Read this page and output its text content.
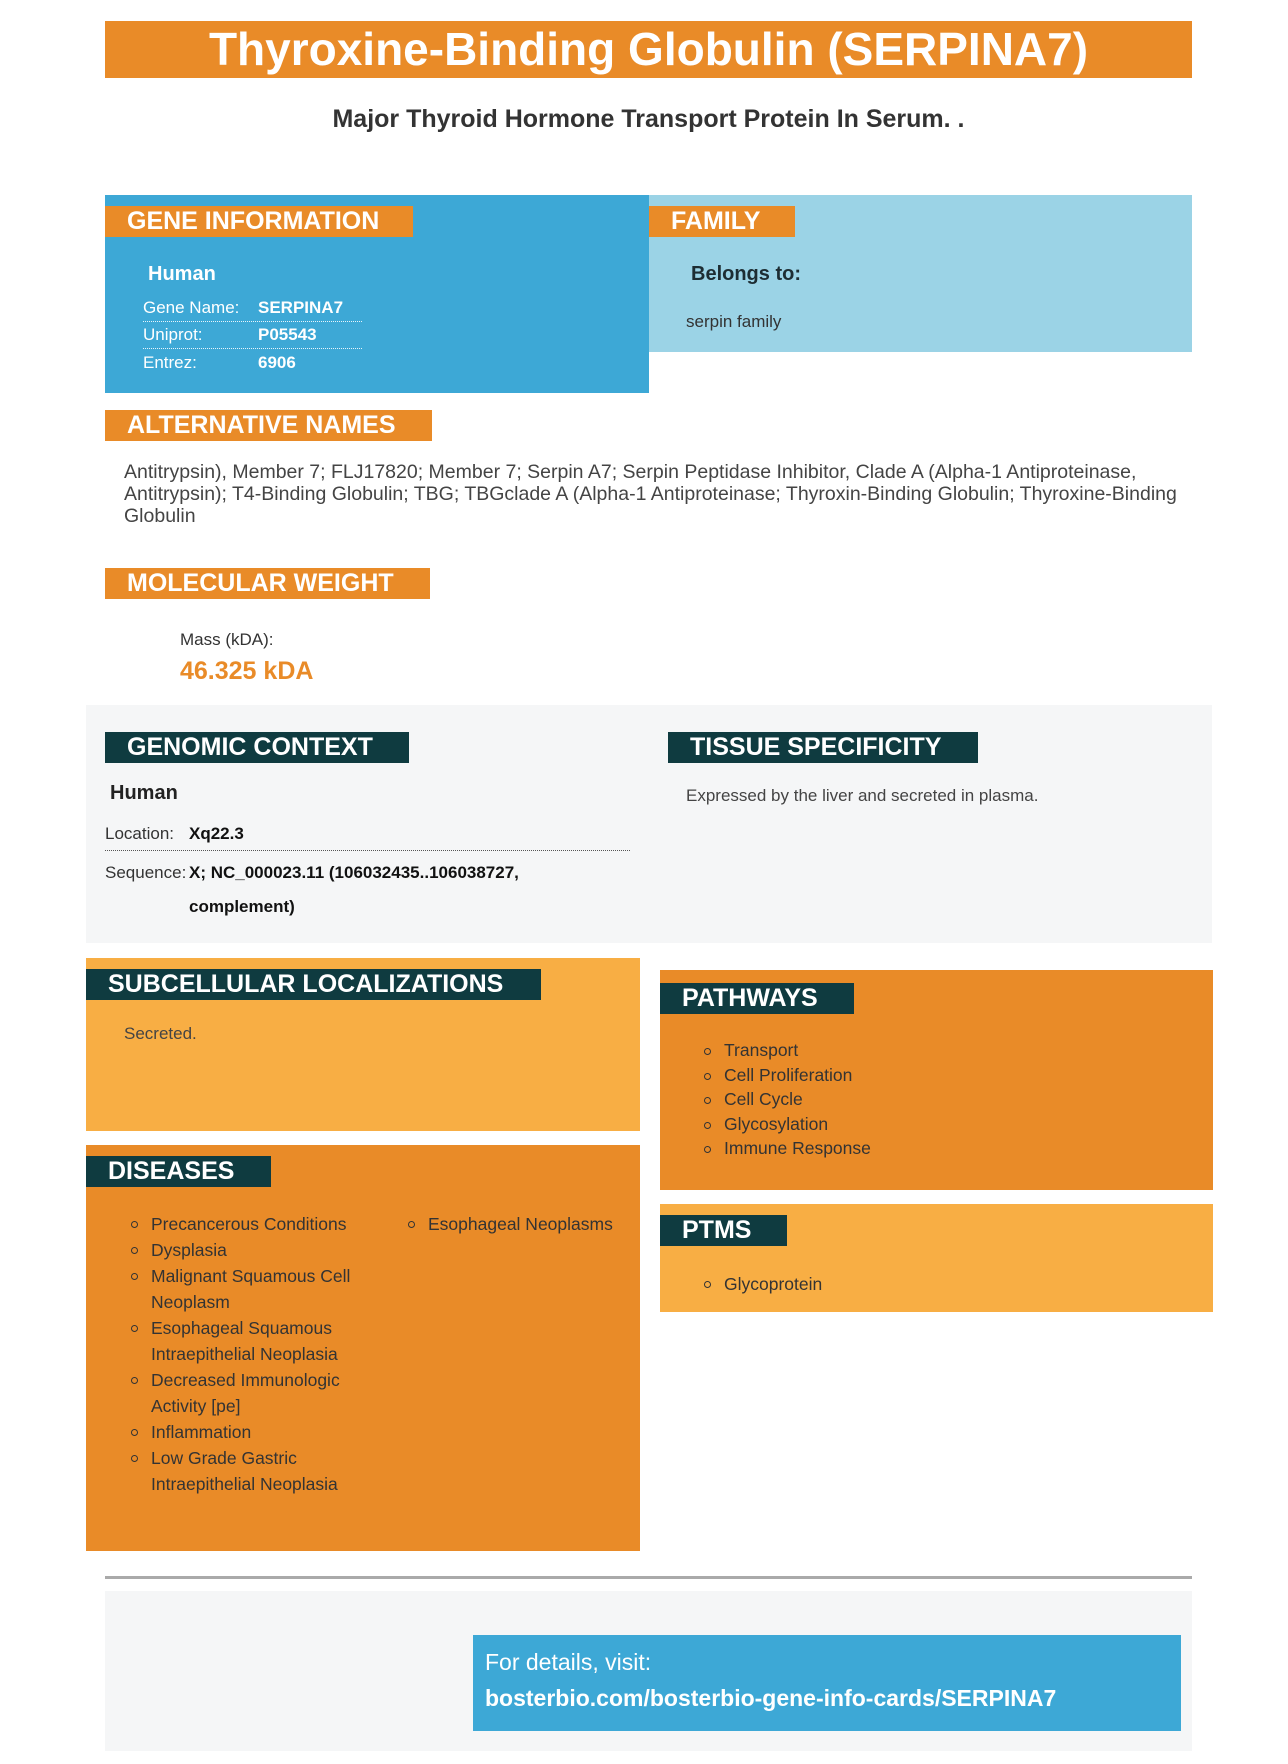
Thyroxine-Binding Globulin (SERPINA7)
Major Thyroid Hormone Transport Protein In Serum. .
GENE INFORMATION
Human
Gene Name: SERPINA7
Uniprot:	P05543
Entrez:	6906
FAMILY
Belongs to:
serpin family
ALTERNATIVE NAMES
Antitrypsin), Member 7; FLJ17820; Member 7; Serpin A7; Serpin Peptidase Inhibitor, Clade A (Alpha-1 Antiproteinase, Antitrypsin); T4-Binding Globulin; TBG; TBGclade A (Alpha-1 Antiproteinase; Thyroxin-Binding Globulin; Thyroxine-Binding Globulin
MOLECULAR WEIGHT
Mass (kDA):
46.325 kDA
GENOMIC CONTEXT
Human
Location: Xq22.3
Sequence: X; NC_000023.11 (106032435..106038727,
complement)
TISSUE SPECIFICITY
Expressed by the liver and secreted in plasma.
SUBCELLULAR LOCALIZATIONS
Secreted.
DISEASES
Precancerous Conditions
Dysplasia
Malignant Squamous Cell Neoplasm
Esophageal Squamous Intraepithelial Neoplasia
Decreased Immunologic Activity [pe]
Inflammation
Low Grade Gastric Intraepithelial Neoplasia
Esophageal Neoplasms
PATHWAYS
Transport
Cell Proliferation
Cell Cycle
Glycosylation
Immune Response
PTMS
Glycoprotein
For details, visit:
bosterbio.com/bosterbio-gene-info-cards/SERPINA7
